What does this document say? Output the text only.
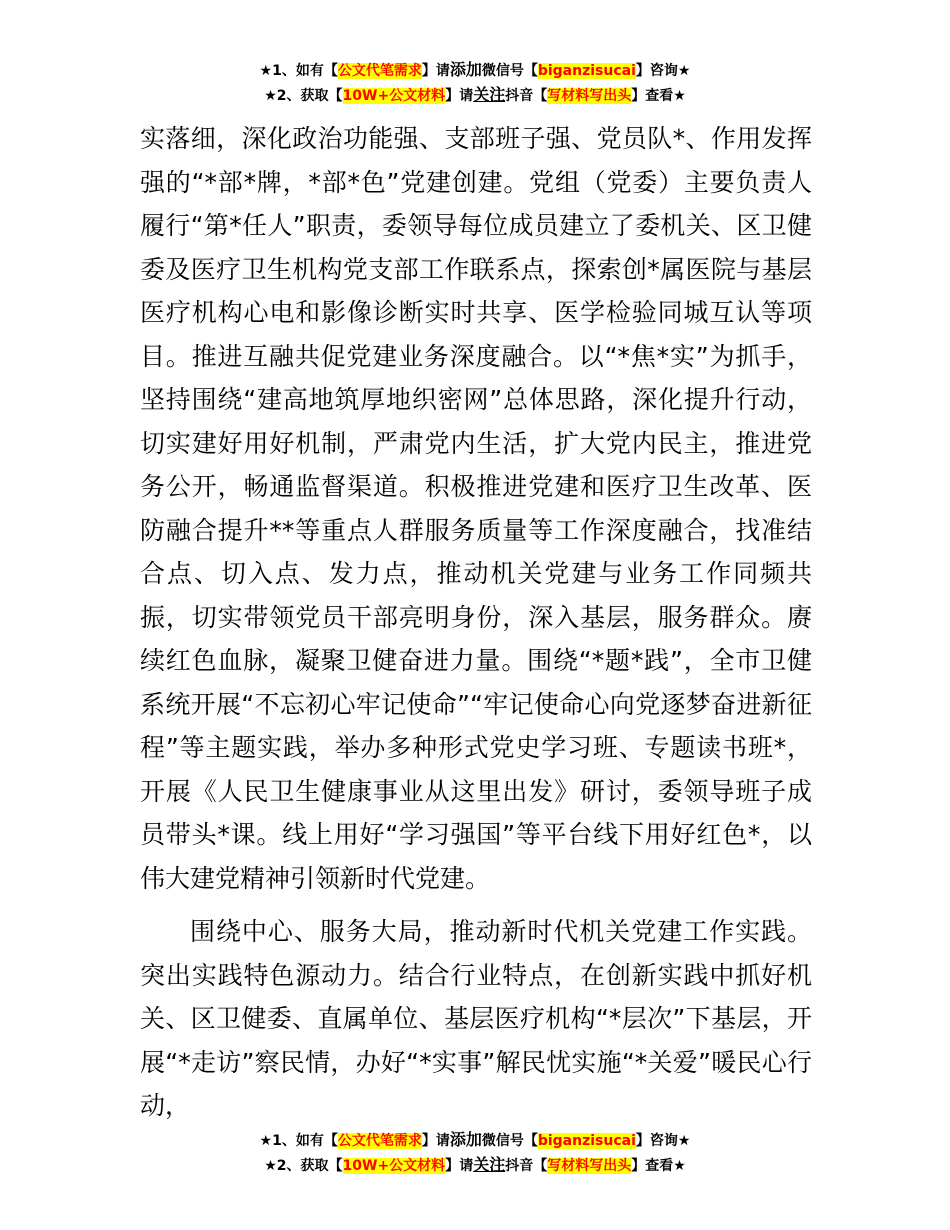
★1、如有【公文代笔需求】请添加微信号【biganzisucai】咨询★
★2、获取【10W+公文材料】请关注抖音【写材料写出头】查看★

实落细，深化政治功能强、支部班子强、党员队*、作用发挥强的“*部*牌，*部*色”党建创建。党组（党委）主要负责人履行“第*任人”职责，委领导每位成员建立了委机关、区卫健委及医疗卫生机构党支部工作联系点，探索创*属医院与基层医疗机构心电和影像诊断实时共享、医学检验同城互认等项目。推进互融共促党建业务深度融合。以“*焦*实”为抓手，坚持围绕“建高地筑厚地织密网”总体思路，深化提升行动，切实建好用好机制，严肃党内生活，扩大党内民主，推进党务公开，畅通监督渠道。积极推进党建和医疗卫生改革、医防融合提升**等重点人群服务质量等工作深度融合，找准结合点、切入点、发力点，推动机关党建与业务工作同频共振，切实带领党员干部亮明身份，深入基层，服务群众。赓续红色血脉，凝聚卫健奋进力量。围绕“*题*践”，全市卫健系统开展“不忘初心牢记使命”“牢记使命心向党逐梦奋进新征程”等主题实践，举办多种形式党史学习班、专题读书班*，开展《人民卫生健康事业从这里出发》研讨，委领导班子成员带头*课。线上用好“学习强国”等平台线下用好红色*，以伟大建党精神引领新时代党建。

围绕中心、服务大局，推动新时代机关党建工作实践。突出实践特色源动力。结合行业特点，在创新实践中抓好机关、区卫健委、直属单位、基层医疗机构“*层次”下基层，开展“*走访”察民情，办好“*实事”解民忧实施“*关爱”暖民心行动，

★1、如有【公文代笔需求】请添加微信号【biganzisucai】咨询★
★2、获取【10W+公文材料】请关注抖音【写材料写出头】查看★
